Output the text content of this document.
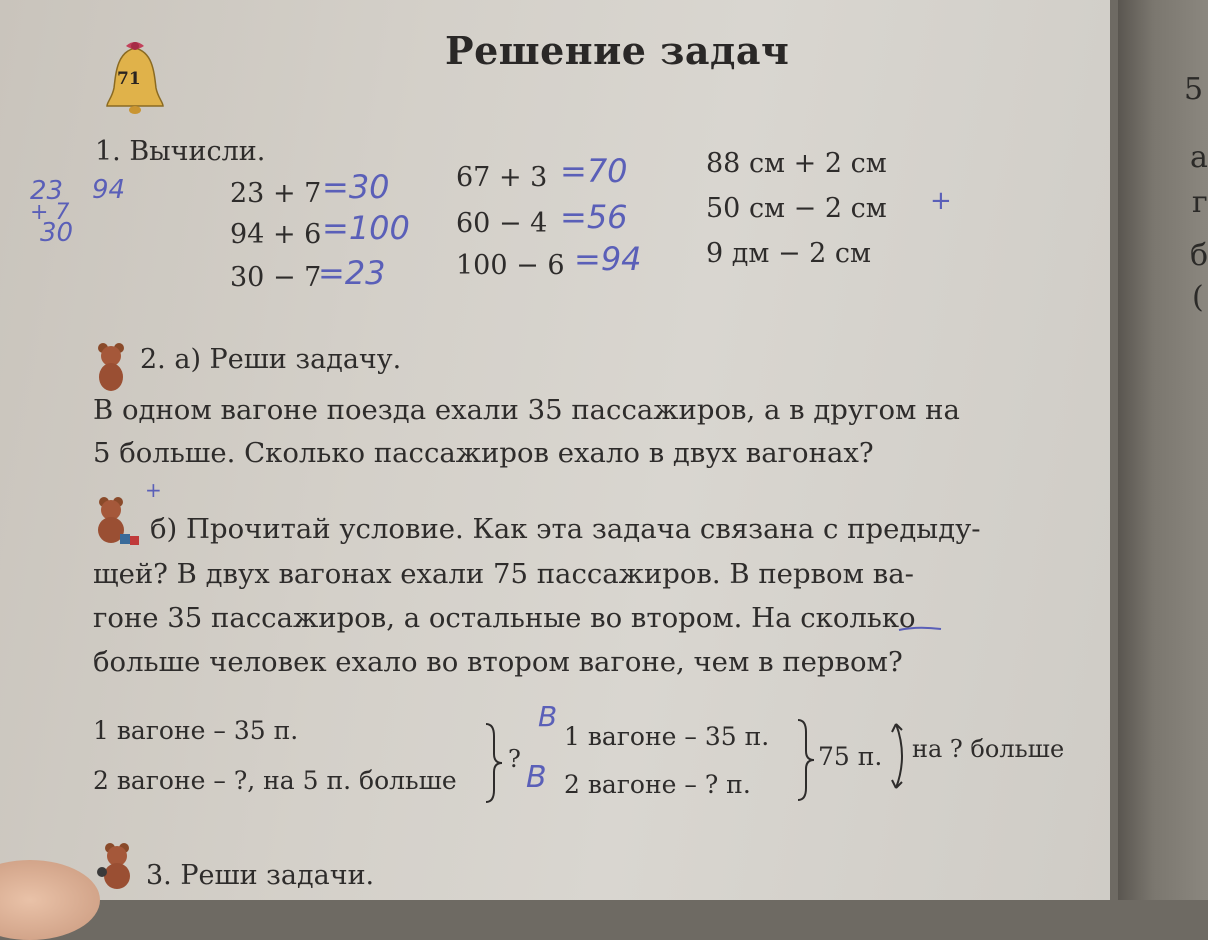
71
Решение задач
1. Вычисли.
23 94
+ 7
30
23 + 7
94 + 6
30 − 7
=30
=100
=23
67 + 3
60 − 4
100 − 6
=70
=56
=94
88 см + 2 см
50 см − 2 см
9 дм − 2 см
+
2. а) Реши задачу.
В одном вагоне поезда ехали 35 пассажиров, а в другом на
5 больше. Сколько пассажиров ехало в двух вагонах?
+
б) Прочитай условие. Как эта задача связана с предыду-
щей? В двух вагонах ехали 75 пассажиров. В первом ва-
гоне 35 пассажиров, а остальные во втором. На сколько
больше человек ехало во втором вагоне, чем в первом?
1 вагоне – 35 п.
2 вагоне – ?, на 5 п. больше
?
В
В
1 вагоне – 35 п.
2 вагоне – ? п.
75 п. на ? больше
3. Реши задачи.
5
а
г
б
(
